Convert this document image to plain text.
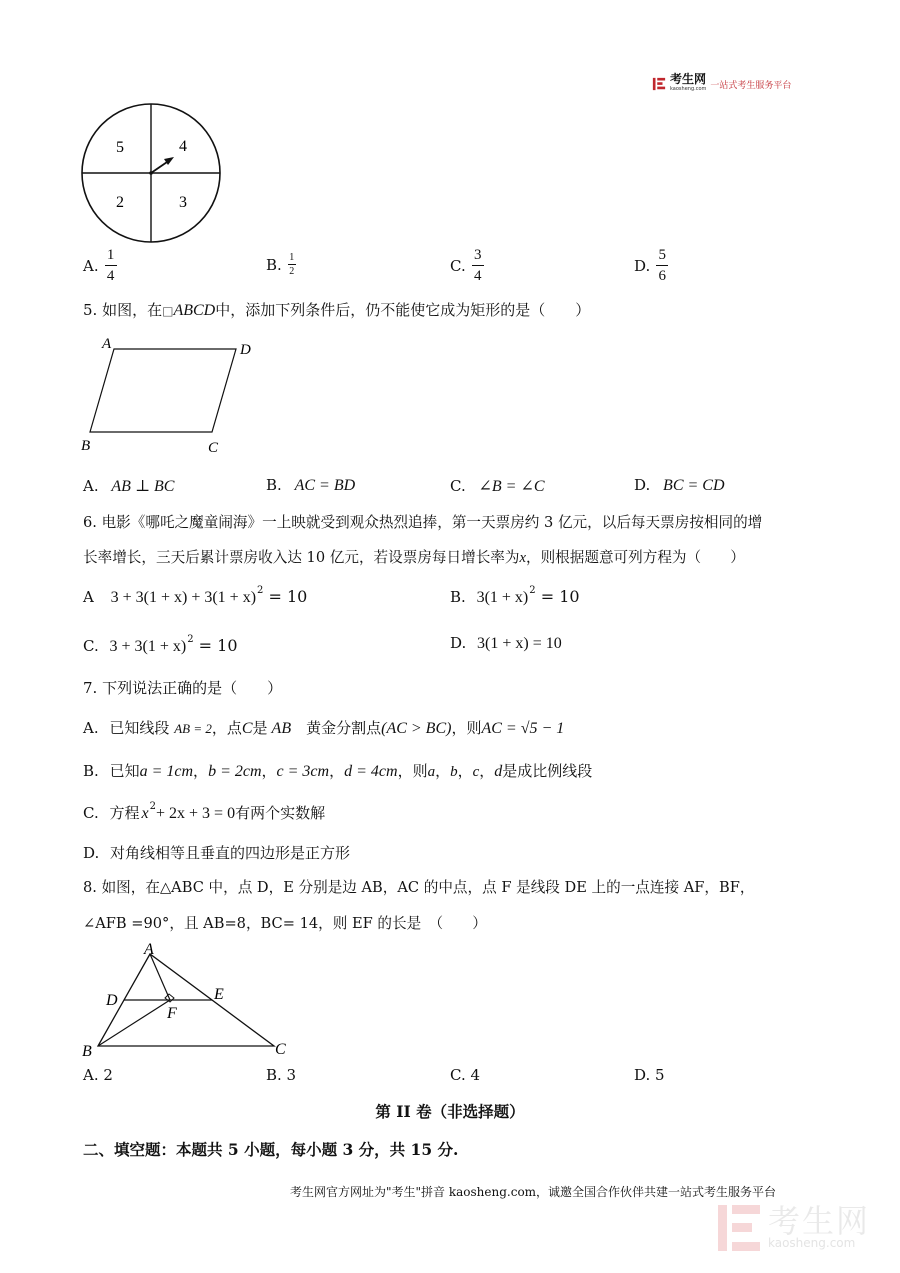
考生网
kaosheng.com 一站式考生服务平台
5	4
2	3
A. $\frac{1}{4}$	B. $\frac{1}{2}$	C. $\frac{3}{4}$	D. $\frac{5}{6}$
5. 如图，在□ABCD中，添加下列条件后，仍不能使它成为矩形的是（　　）
A	D
B	C
A. AB ⊥ BC	B. AC = BD	C. ∠B = ∠C	D. BC = CD
6. 电影《哪吒之魔童闹海》一上映就受到观众热烈追捧，第一天票房约 3 亿元，以后每天票房按相同的增
长率增长，三天后累计票房收入达 10 亿元，若设票房每日增长率为x，则根据题意可列方程为（　　）
A $3 + 3(1 + x) + 3(1 + x)^2 = 10$	B. $3(1 + x)^2 = 10$
C. $3 + 3(1 + x)^2 = 10$	D. 3(1 + x) = 10
7. 下列说法正确的是（　　）
A. 已知线段 AB = 2，点C是 AB　黄金分割点(AC > BC)，则AC = √5 − 1
B. 已知a = 1cm，b = 2cm，c = 3cm，d = 4cm，则a，b，c，d是成比例线段
C. 方程 $x^2+ 2x + 3 = 0$有两个实数解
D. 对角线相等且垂直的四边形是正方形
8. 如图，在△ABC 中，点 D，E 分别是边 AB，AC 的中点，点 F 是线段 DE 上的一点连接 AF，BF，
∠AFB =90°，且 AB=8，BC= 14，则 EF 的长是　（　　）
A
B	C
D	E
F
A. 2	B. 3	C. 4	D. 5
第 II 卷（非选择题）
二、填空题：本题共 5 小题，每小题 3 分，共 15 分.
考生网官方网址为"考生"拼音 kaosheng.com，诚邀全国合作伙伴共建一站式考生服务平台
考生网
kaosheng.com
